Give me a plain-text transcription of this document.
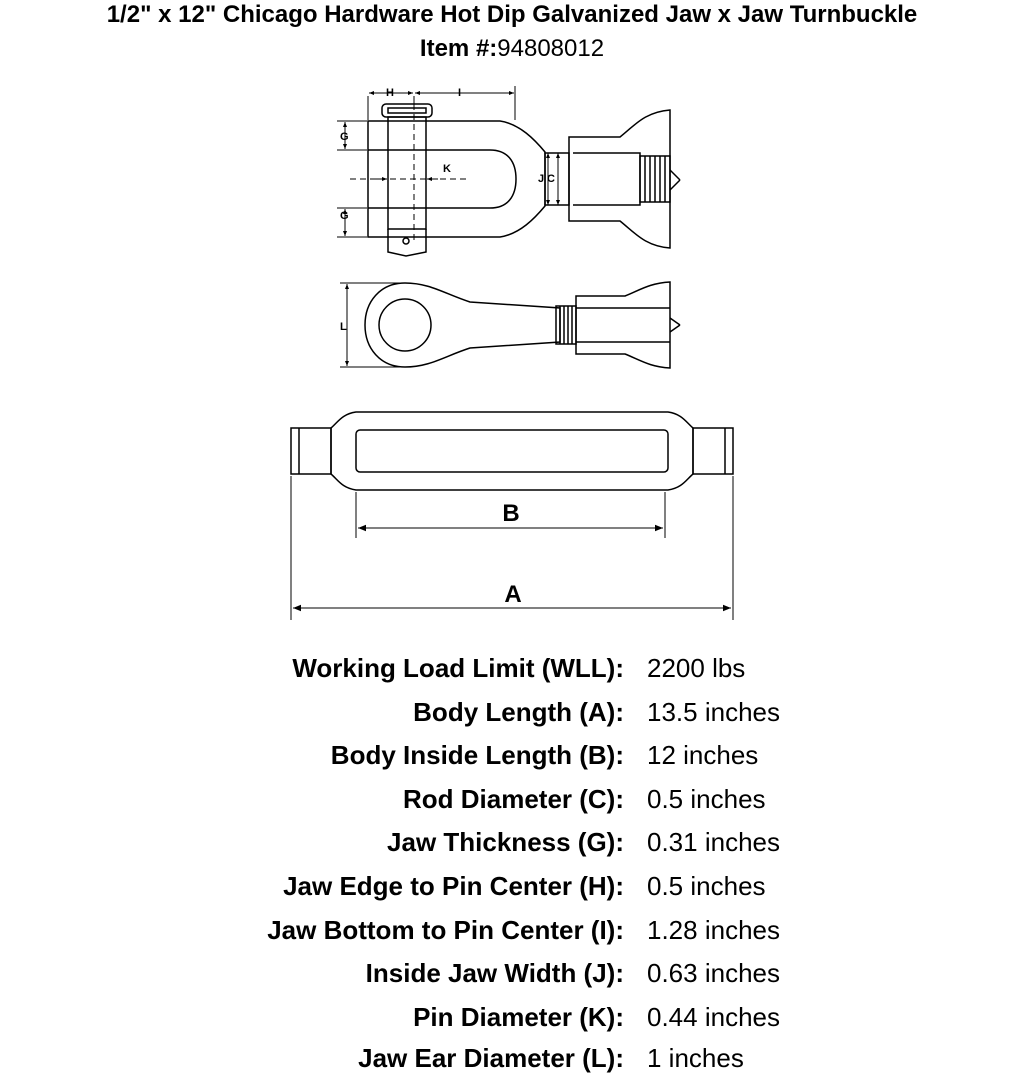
1/2" x 12" Chicago Hardware Hot Dip Galvanized Jaw x Jaw Turnbuckle
Item #:94808012
H	I
G
G
K
J C
L
B
A
Working Load Limit (WLL): 2200 lbs
Body Length (A): 13.5 inches
Body Inside Length (B): 12 inches
Rod Diameter (C): 0.5 inches
Jaw Thickness (G): 0.31 inches
Jaw Edge to Pin Center (H): 0.5 inches
Jaw Bottom to Pin Center (I): 1.28 inches
Inside Jaw Width (J): 0.63 inches
Pin Diameter (K): 0.44 inches
Jaw Ear Diameter (L): 1 inches
